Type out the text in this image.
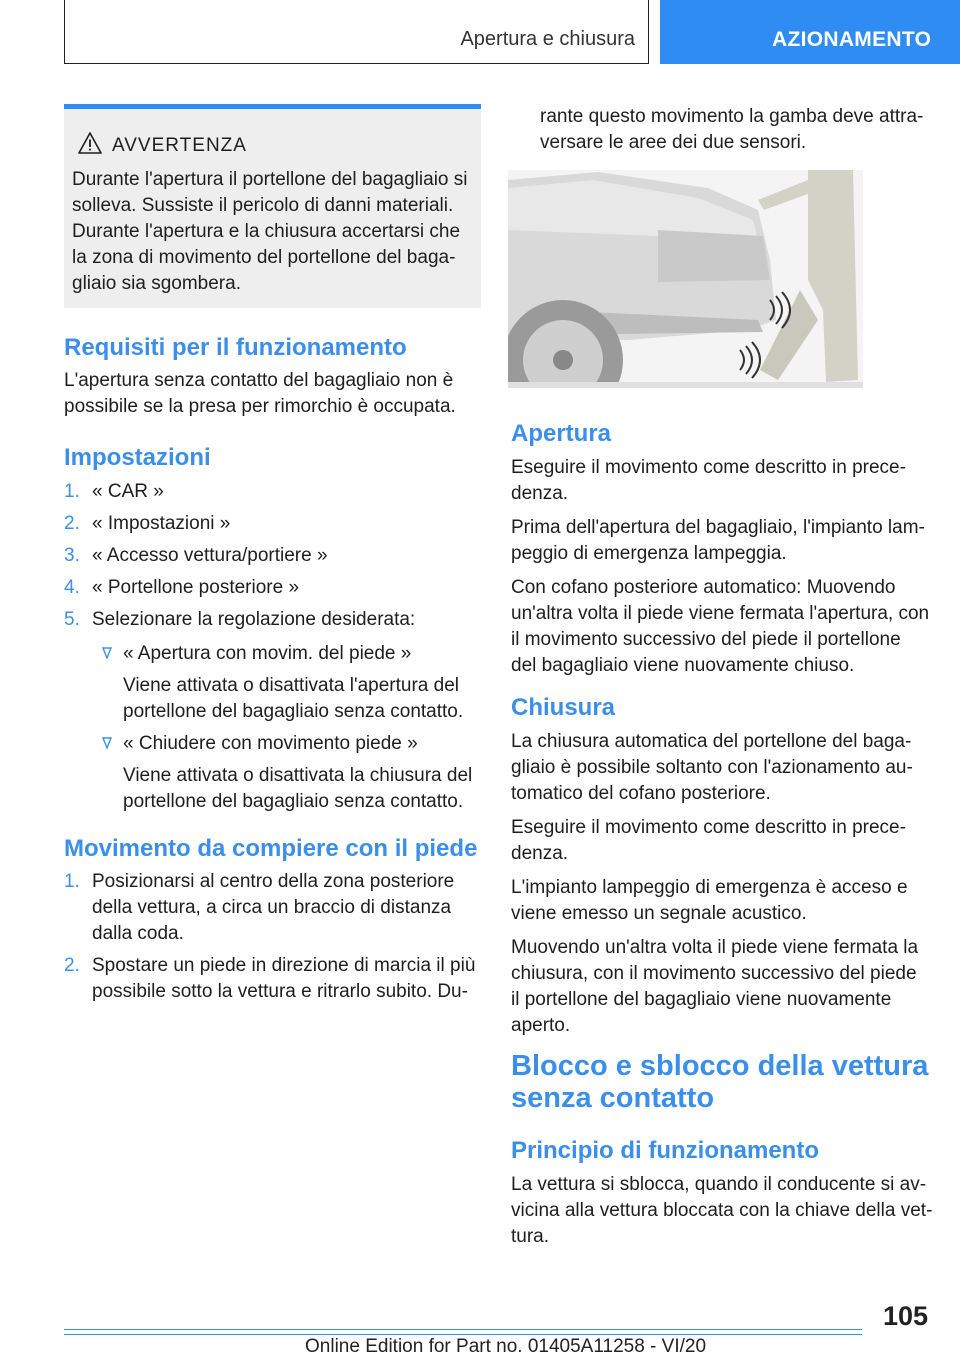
Apertura e chiusura	AZIONAMENTO
AVVERTENZA
Durante l'apertura il portellone del bagagliaio si
solleva. Sussiste il pericolo di danni materiali.
Durante l'apertura e la chiusura accertarsi che
la zona di movimento del portellone del baga-
gliaio sia sgombera.
Requisiti per il funzionamento

L'apertura senza contatto del bagagliaio non è

possibile se la presa per rimorchio è occupata.

Impostazioni
1. « CAR »
2. « Impostazioni »
3. « Accesso vettura/portiere »
4. « Portellone posteriore »
5. Selezionare la regolazione desiderata:
« Apertura con movim. del piede »
Viene attivata o disattivata l'apertura del
portellone del bagagliaio senza contatto.
« Chiudere con movimento piede »
Viene attivata o disattivata la chiusura del
portellone del bagagliaio senza contatto.
Movimento da compiere con il piede
1. Posizionarsi al centro della zona posteriore
della vettura, a circa un braccio di distanza
dalla coda.
2. Spostare un piede in direzione di marcia il più
possibile sotto la vettura e ritrarlo subito. Du-

rante questo movimento la gamba deve attra-

versare le aree dei due sensori.

Apertura

Eseguire il movimento come descritto in prece-

denza.

Prima dell'apertura del bagagliaio, l'impianto lam-

peggio di emergenza lampeggia.

Con cofano posteriore automatico: Muovendo

un'altra volta il piede viene fermata l'apertura, con

il movimento successivo del piede il portellone

del bagagliaio viene nuovamente chiuso.

Chiusura

La chiusura automatica del portellone del baga-

gliaio è possibile soltanto con l'azionamento au-

tomatico del cofano posteriore.

Eseguire il movimento come descritto in prece-

denza.

L'impianto lampeggio di emergenza è acceso e

viene emesso un segnale acustico.

Muovendo un'altra volta il piede viene fermata la

chiusura, con il movimento successivo del piede

il portellone del bagagliaio viene nuovamente

aperto.

Blocco e sblocco della vettura
senza contatto
Principio di funzionamento

La vettura si sblocca, quando il conducente si av-

vicina alla vettura bloccata con la chiave della vet-

tura.

105
Online Edition for Part no. 01405A11258 - VI/20
